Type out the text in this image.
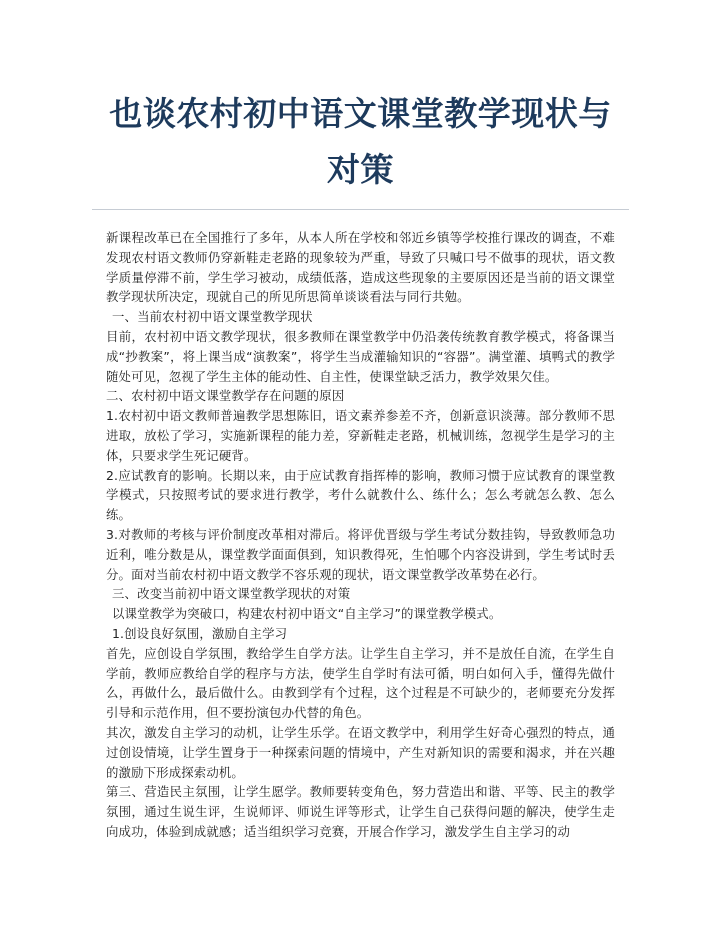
也谈农村初中语文课堂教学现状与对策

新课程改革已在全国推行了多年，从本人所在学校和邻近乡镇等学校推行课改的调查，不难发现农村语文教师仍穿新鞋走老路的现象较为严重，导致了只喊口号不做事的现状，语文教学质量停滞不前，学生学习被动，成绩低落，造成这些现象的主要原因还是当前的语文课堂教学现状所决定，现就自己的所见所思简单谈谈看法与同行共勉。

一、当前农村初中语文课堂教学现状

目前，农村初中语文教学现状，很多教师在课堂教学中仍沿袭传统教育教学模式，将备课当成“抄教案”，将上课当成“演教案”，将学生当成灌输知识的“容器”。满堂灌、填鸭式的教学随处可见，忽视了学生主体的能动性、自主性，使课堂缺乏活力，教学效果欠佳。

二、农村初中语文课堂教学存在问题的原因

1.农村初中语文教师普遍教学思想陈旧，语文素养参差不齐，创新意识淡薄。部分教师不思进取，放松了学习，实施新课程的能力差，穿新鞋走老路，机械训练，忽视学生是学习的主体，只要求学生死记硬背。

2.应试教育的影响。长期以来，由于应试教育指挥棒的影响，教师习惯于应试教育的课堂教学模式，只按照考试的要求进行教学，考什么就教什么、练什么；怎么考就怎么教、怎么练。

3.对教师的考核与评价制度改革相对滞后。将评优晋级与学生考试分数挂钩，导致教师急功近利，唯分数是从，课堂教学面面俱到，知识教得死，生怕哪个内容没讲到，学生考试时丢分。面对当前农村初中语文教学不容乐观的现状，语文课堂教学改革势在必行。

三、改变当前初中语文课堂教学现状的对策

以课堂教学为突破口，构建农村初中语文“自主学习”的课堂教学模式。

1.创设良好氛围，激励自主学习

首先，应创设自学氛围，教给学生自学方法。让学生自主学习，并不是放任自流，在学生自学前，教师应教给自学的程序与方法，使学生自学时有法可循，明白如何入手，懂得先做什么，再做什么，最后做什么。由教到学有个过程，这个过程是不可缺少的，老师要充分发挥引导和示范作用，但不要扮演包办代替的角色。

其次，激发自主学习的动机，让学生乐学。在语文教学中，利用学生好奇心强烈的特点，通过创设情境，让学生置身于一种探索问题的情境中，产生对新知识的需要和渴求，并在兴趣的激励下形成探索动机。

第三、营造民主氛围，让学生愿学。教师要转变角色，努力营造出和谐、平等、民主的教学氛围，通过生说生评，生说师评、师说生评等形式，让学生自己获得问题的解决，使学生走向成功，体验到成就感；适当组织学习竞赛，开展合作学习，激发学生自主学习的动
